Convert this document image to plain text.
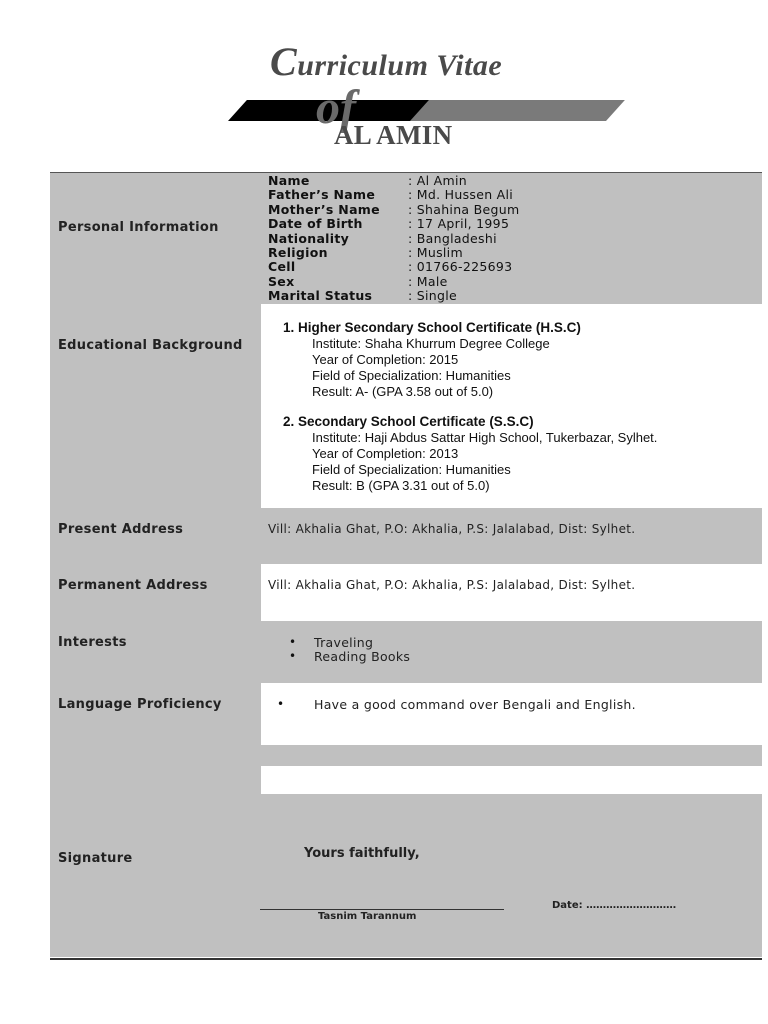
Curriculum Vitae
of
AL AMIN
Personal Information
Name	: Al Amin
Father’s Name	: Md. Hussen Ali
Mother’s Name : Shahina Begum
Date of Birth	: 17 April, 1995
Nationality	: Bangladeshi
Religion	: Muslim
Cell	: 01766-225693
Sex	: Male
Marital Status	: Single
Educational Background
1. Higher Secondary School Certificate (H.S.C)
Institute: Shaha Khurrum Degree College
Year of Completion: 2015
Field of Specialization: Humanities
Result: A- (GPA 3.58 out of 5.0)
2. Secondary School Certificate (S.S.C)
Institute: Haji Abdus Sattar High School, Tukerbazar, Sylhet.
Year of Completion: 2013
Field of Specialization: Humanities
Result: B (GPA 3.31 out of 5.0)
Present Address	Vill: Akhalia Ghat, P.O: Akhalia, P.S: Jalalabad, Dist: Sylhet.
Permanent Address	Vill: Akhalia Ghat, P.O: Akhalia, P.S: Jalalabad, Dist: Sylhet.
Interests	• Traveling
• Reading Books
Language Proficiency	• Have a good command over Bengali and English.
Signature	Yours faithfully,
Tasnim Tarannum
Date: ………………………
